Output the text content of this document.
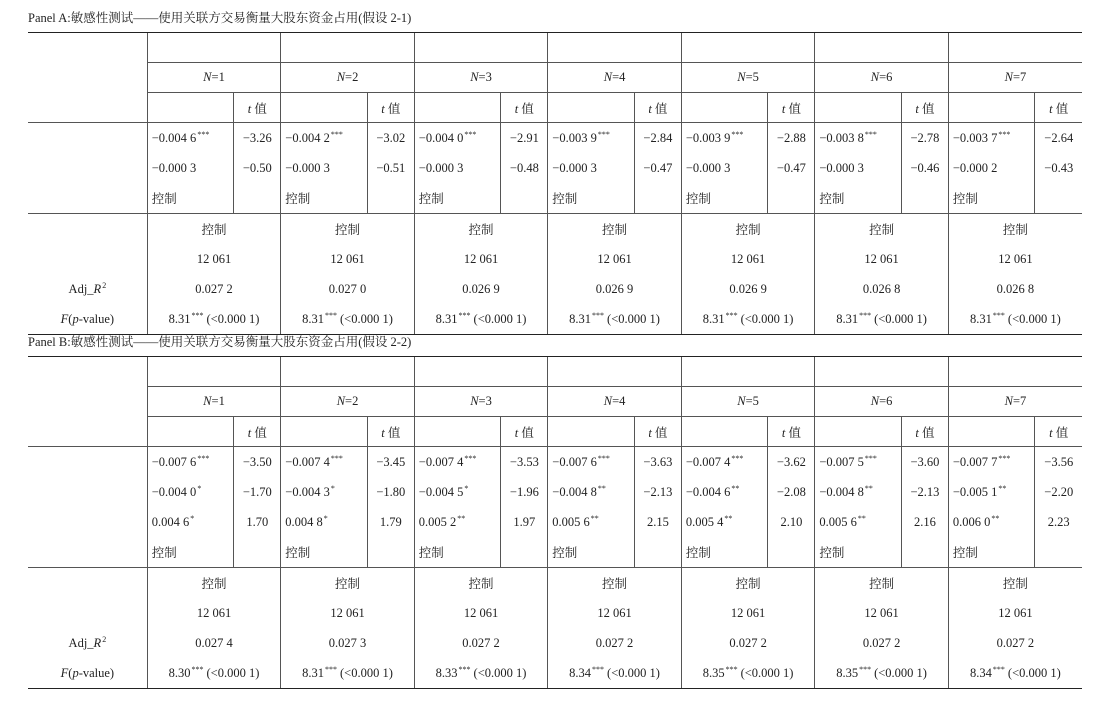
Panel A:敏感性测试——使用关联方交易衡量大股东资金占用(假设 2-1)

	N=1		N=2		N=3		N=4		N=5		N=6		N=7	
		t 值		t 值		t 值		t 值		t 值		t 值		t 值
	−0.004 6***	−3.26	−0.004 2***	−3.02	−0.004 0***	−2.91	−0.003 9***	−2.84	−0.003 9***	−2.88	−0.003 8***	−2.78	−0.003 7***	−2.64
	−0.000 3	−0.50	−0.000 3	−0.51	−0.000 3	−0.48	−0.000 3	−0.47	−0.000 3	−0.47	−0.000 3	−0.46	−0.000 2	−0.43
	控制		控制		控制		控制		控制		控制		控制	
	控制		控制		控制		控制		控制		控制		控制	
	12 061		12 061		12 061		12 061		12 061		12 061		12 061	
$Adj\_R^2$	0.027 2		0.027 0		0.026 9		0.026 9		0.026 9		0.026 8		0.026 8	
F(p-value)	8.31*** (<0.000 1)		8.31*** (<0.000 1)		8.31*** (<0.000 1)		8.31*** (<0.000 1)		8.31*** (<0.000 1)		8.31*** (<0.000 1)		8.31*** (<0.000 1)	
Panel B:敏感性测试——使用关联方交易衡量大股东资金占用(假设 2-2)

	N=1		N=2		N=3		N=4		N=5		N=6		N=7	
		t 值		t 值		t 值		t 值		t 值		t 值		t 值
	−0.007 6***	−3.50	−0.007 4***	−3.45	−0.007 4***	−3.53	−0.007 6***	−3.63	−0.007 4***	−3.62	−0.007 5***	−3.60	−0.007 7***	−3.56
	−0.004 0*	−1.70	−0.004 3*	−1.80	−0.004 5*	−1.96	−0.004 8**	−2.13	−0.004 6**	−2.08	−0.004 8**	−2.13	−0.005 1**	−2.20
	0.004 6*	1.70	0.004 8*	1.79	0.005 2**	1.97	0.005 6**	2.15	0.005 4**	2.10	0.005 6**	2.16	0.006 0**	2.23
	控制		控制		控制		控制		控制		控制		控制	
	控制		控制		控制		控制		控制		控制		控制	
	12 061		12 061		12 061		12 061		12 061		12 061		12 061	
$Adj\_R^2$	0.027 4		0.027 3		0.027 2		0.027 2		0.027 2		0.027 2		0.027 2	
F(p-value)	8.30*** (<0.000 1)		8.31*** (<0.000 1)		8.33*** (<0.000 1)		8.34*** (<0.000 1)		8.35*** (<0.000 1)		8.35*** (<0.000 1)		8.34*** (<0.000 1)	
